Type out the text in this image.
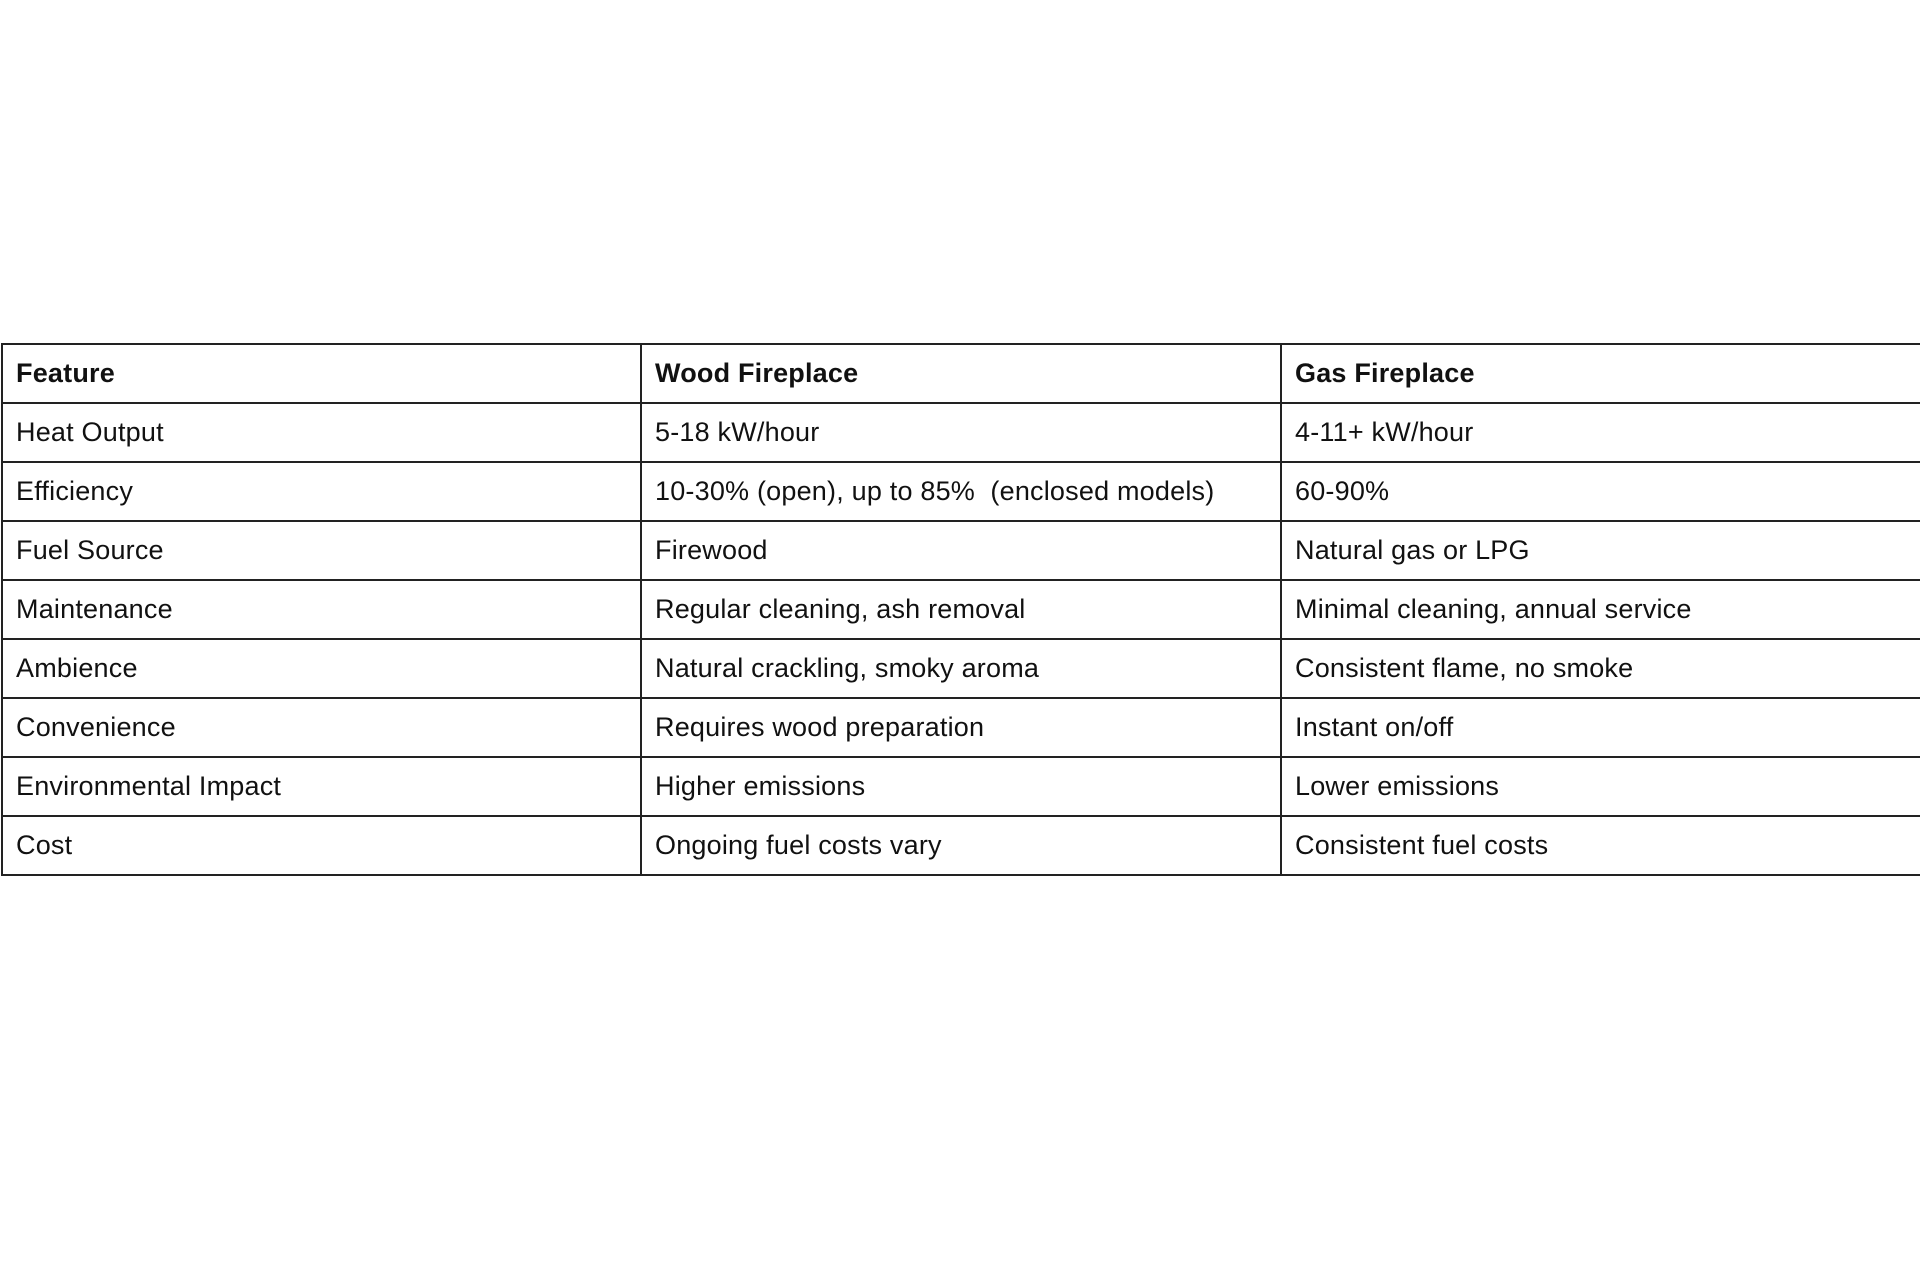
Feature	Wood Fireplace	Gas Fireplace
Heat Output	5-18 kW/hour	4-11+ kW/hour
Efficiency	10-30% (open), up to 85%  (enclosed models)	60-90%
Fuel Source	Firewood	Natural gas or LPG
Maintenance	Regular cleaning, ash removal	Minimal cleaning, annual service
Ambience	Natural crackling, smoky aroma	Consistent flame, no smoke
Convenience	Requires wood preparation	Instant on/off
Environmental Impact	Higher emissions	Lower emissions
Cost	Ongoing fuel costs vary	Consistent fuel costs
